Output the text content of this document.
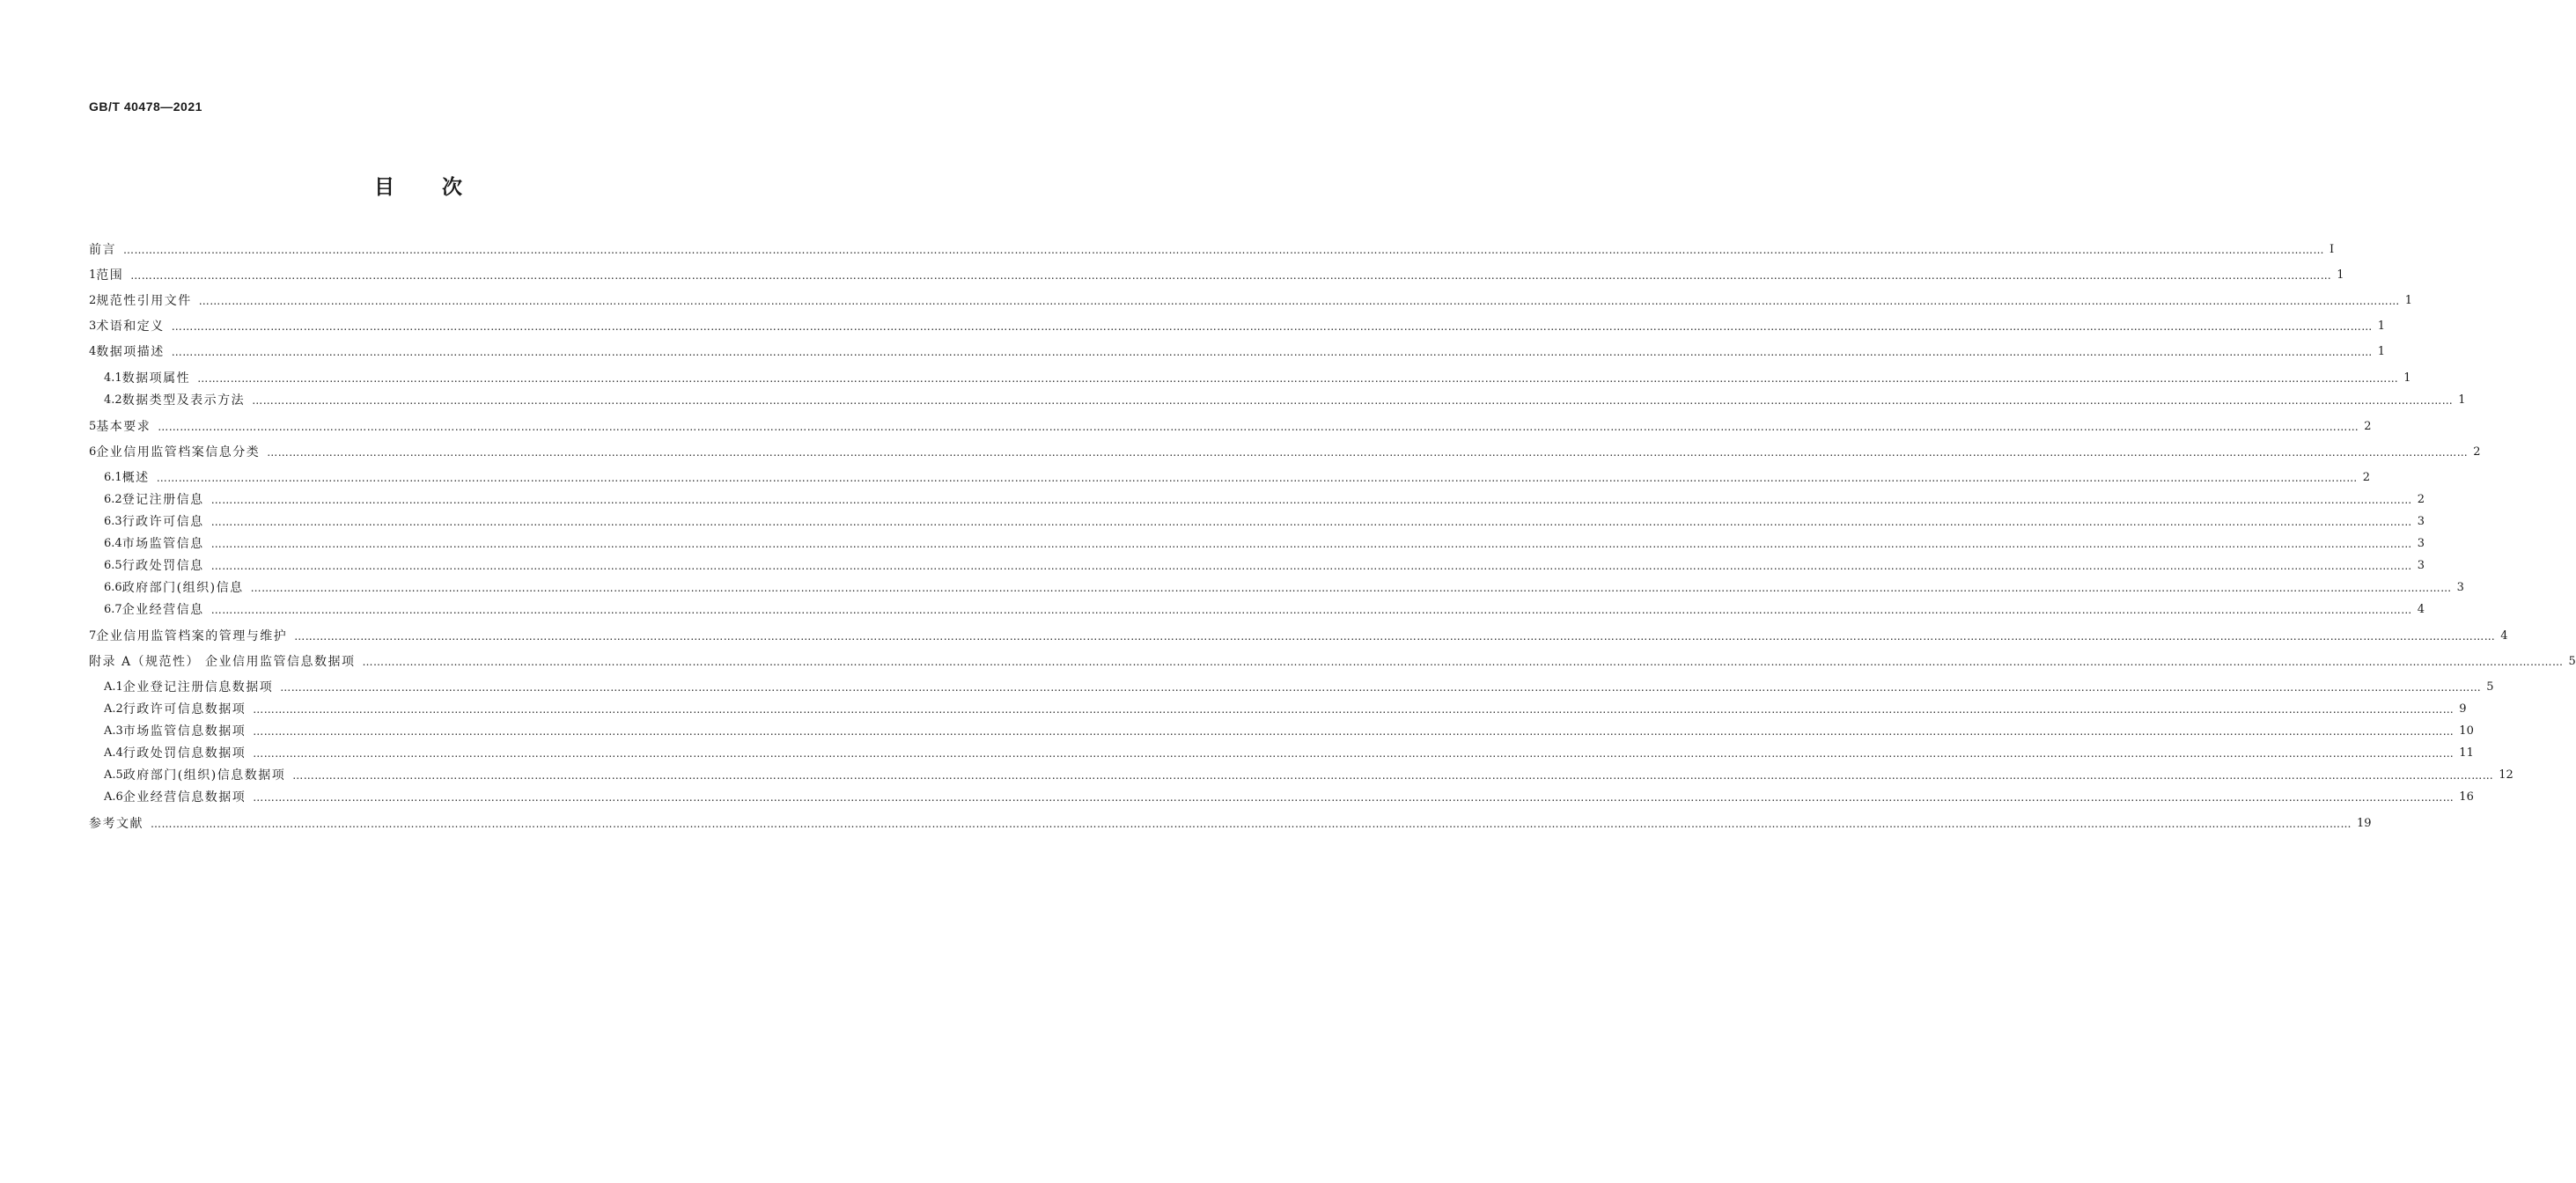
GB/T 40478—2021
目 次
前言 …………………………………………………………………………………………………………………………………………………………………………………………………………………………………………………………………………………………………………………………………………………………………………………………………………………………………………………………………………………………………………………………………………………… Ⅰ
1 范围 …………………………………………………………………………………………………………………………………………………………………………………………………………………………………………………………………………………………………………………………………………………………………………………………………………………………………………………………………………………………………………………………………………………… 1
2 规范性引用文件 …………………………………………………………………………………………………………………………………………………………………………………………………………………………………………………………………………………………………………………………………………………………………………………………………………………………………………………………………………………………………………………………………………………… 1
3 术语和定义 …………………………………………………………………………………………………………………………………………………………………………………………………………………………………………………………………………………………………………………………………………………………………………………………………………………………………………………………………………………………………………………………………………………… 1
4 数据项描述 …………………………………………………………………………………………………………………………………………………………………………………………………………………………………………………………………………………………………………………………………………………………………………………………………………………………………………………………………………………………………………………………………………………… 1
4.1 数据项属性 …………………………………………………………………………………………………………………………………………………………………………………………………………………………………………………………………………………………………………………………………………………………………………………………………………………………………………………………………………………………………………………………………………………… 1
4.2 数据类型及表示方法 …………………………………………………………………………………………………………………………………………………………………………………………………………………………………………………………………………………………………………………………………………………………………………………………………………………………………………………………………………………………………………………………………………………… 1
5 基本要求 …………………………………………………………………………………………………………………………………………………………………………………………………………………………………………………………………………………………………………………………………………………………………………………………………………………………………………………………………………………………………………………………………………………… 2
6 企业信用监管档案信息分类 …………………………………………………………………………………………………………………………………………………………………………………………………………………………………………………………………………………………………………………………………………………………………………………………………………………………………………………………………………………………………………………………………………………… 2
6.1 概述 …………………………………………………………………………………………………………………………………………………………………………………………………………………………………………………………………………………………………………………………………………………………………………………………………………………………………………………………………………………………………………………………………………………… 2
6.2 登记注册信息 …………………………………………………………………………………………………………………………………………………………………………………………………………………………………………………………………………………………………………………………………………………………………………………………………………………………………………………………………………………………………………………………………………………… 2
6.3 行政许可信息 …………………………………………………………………………………………………………………………………………………………………………………………………………………………………………………………………………………………………………………………………………………………………………………………………………………………………………………………………………………………………………………………………………………… 3
6.4 市场监管信息 …………………………………………………………………………………………………………………………………………………………………………………………………………………………………………………………………………………………………………………………………………………………………………………………………………………………………………………………………………………………………………………………………………………… 3
6.5 行政处罚信息 …………………………………………………………………………………………………………………………………………………………………………………………………………………………………………………………………………………………………………………………………………………………………………………………………………………………………………………………………………………………………………………………………………………… 3
6.6 政府部门(组织)信息 …………………………………………………………………………………………………………………………………………………………………………………………………………………………………………………………………………………………………………………………………………………………………………………………………………………………………………………………………………………………………………………………………………………… 3
6.7 企业经营信息 …………………………………………………………………………………………………………………………………………………………………………………………………………………………………………………………………………………………………………………………………………………………………………………………………………………………………………………………………………………………………………………………………………………… 4
7 企业信用监管档案的管理与维护 …………………………………………………………………………………………………………………………………………………………………………………………………………………………………………………………………………………………………………………………………………………………………………………………………………………………………………………………………………………………………………………………………………………… 4
附录 A（规范性） 企业信用监管信息数据项 …………………………………………………………………………………………………………………………………………………………………………………………………………………………………………………………………………………………………………………………………………………………………………………………………………………………………………………………………………………………………………………………………………………… 5
A.1 企业登记注册信息数据项 …………………………………………………………………………………………………………………………………………………………………………………………………………………………………………………………………………………………………………………………………………………………………………………………………………………………………………………………………………………………………………………………………………………… 5
A.2 行政许可信息数据项 …………………………………………………………………………………………………………………………………………………………………………………………………………………………………………………………………………………………………………………………………………………………………………………………………………………………………………………………………………………………………………………………………………………… 9
A.3 市场监管信息数据项 …………………………………………………………………………………………………………………………………………………………………………………………………………………………………………………………………………………………………………………………………………………………………………………………………………………………………………………………………………………………………………………………………………………… 10
A.4 行政处罚信息数据项 …………………………………………………………………………………………………………………………………………………………………………………………………………………………………………………………………………………………………………………………………………………………………………………………………………………………………………………………………………………………………………………………………………………… 11
A.5 政府部门(组织)信息数据项 …………………………………………………………………………………………………………………………………………………………………………………………………………………………………………………………………………………………………………………………………………………………………………………………………………………………………………………………………………………………………………………………………………………… 12
A.6 企业经营信息数据项 …………………………………………………………………………………………………………………………………………………………………………………………………………………………………………………………………………………………………………………………………………………………………………………………………………………………………………………………………………………………………………………………………………………… 16
参考文献 …………………………………………………………………………………………………………………………………………………………………………………………………………………………………………………………………………………………………………………………………………………………………………………………………………………………………………………………………………………………………………………………………………………… 19
